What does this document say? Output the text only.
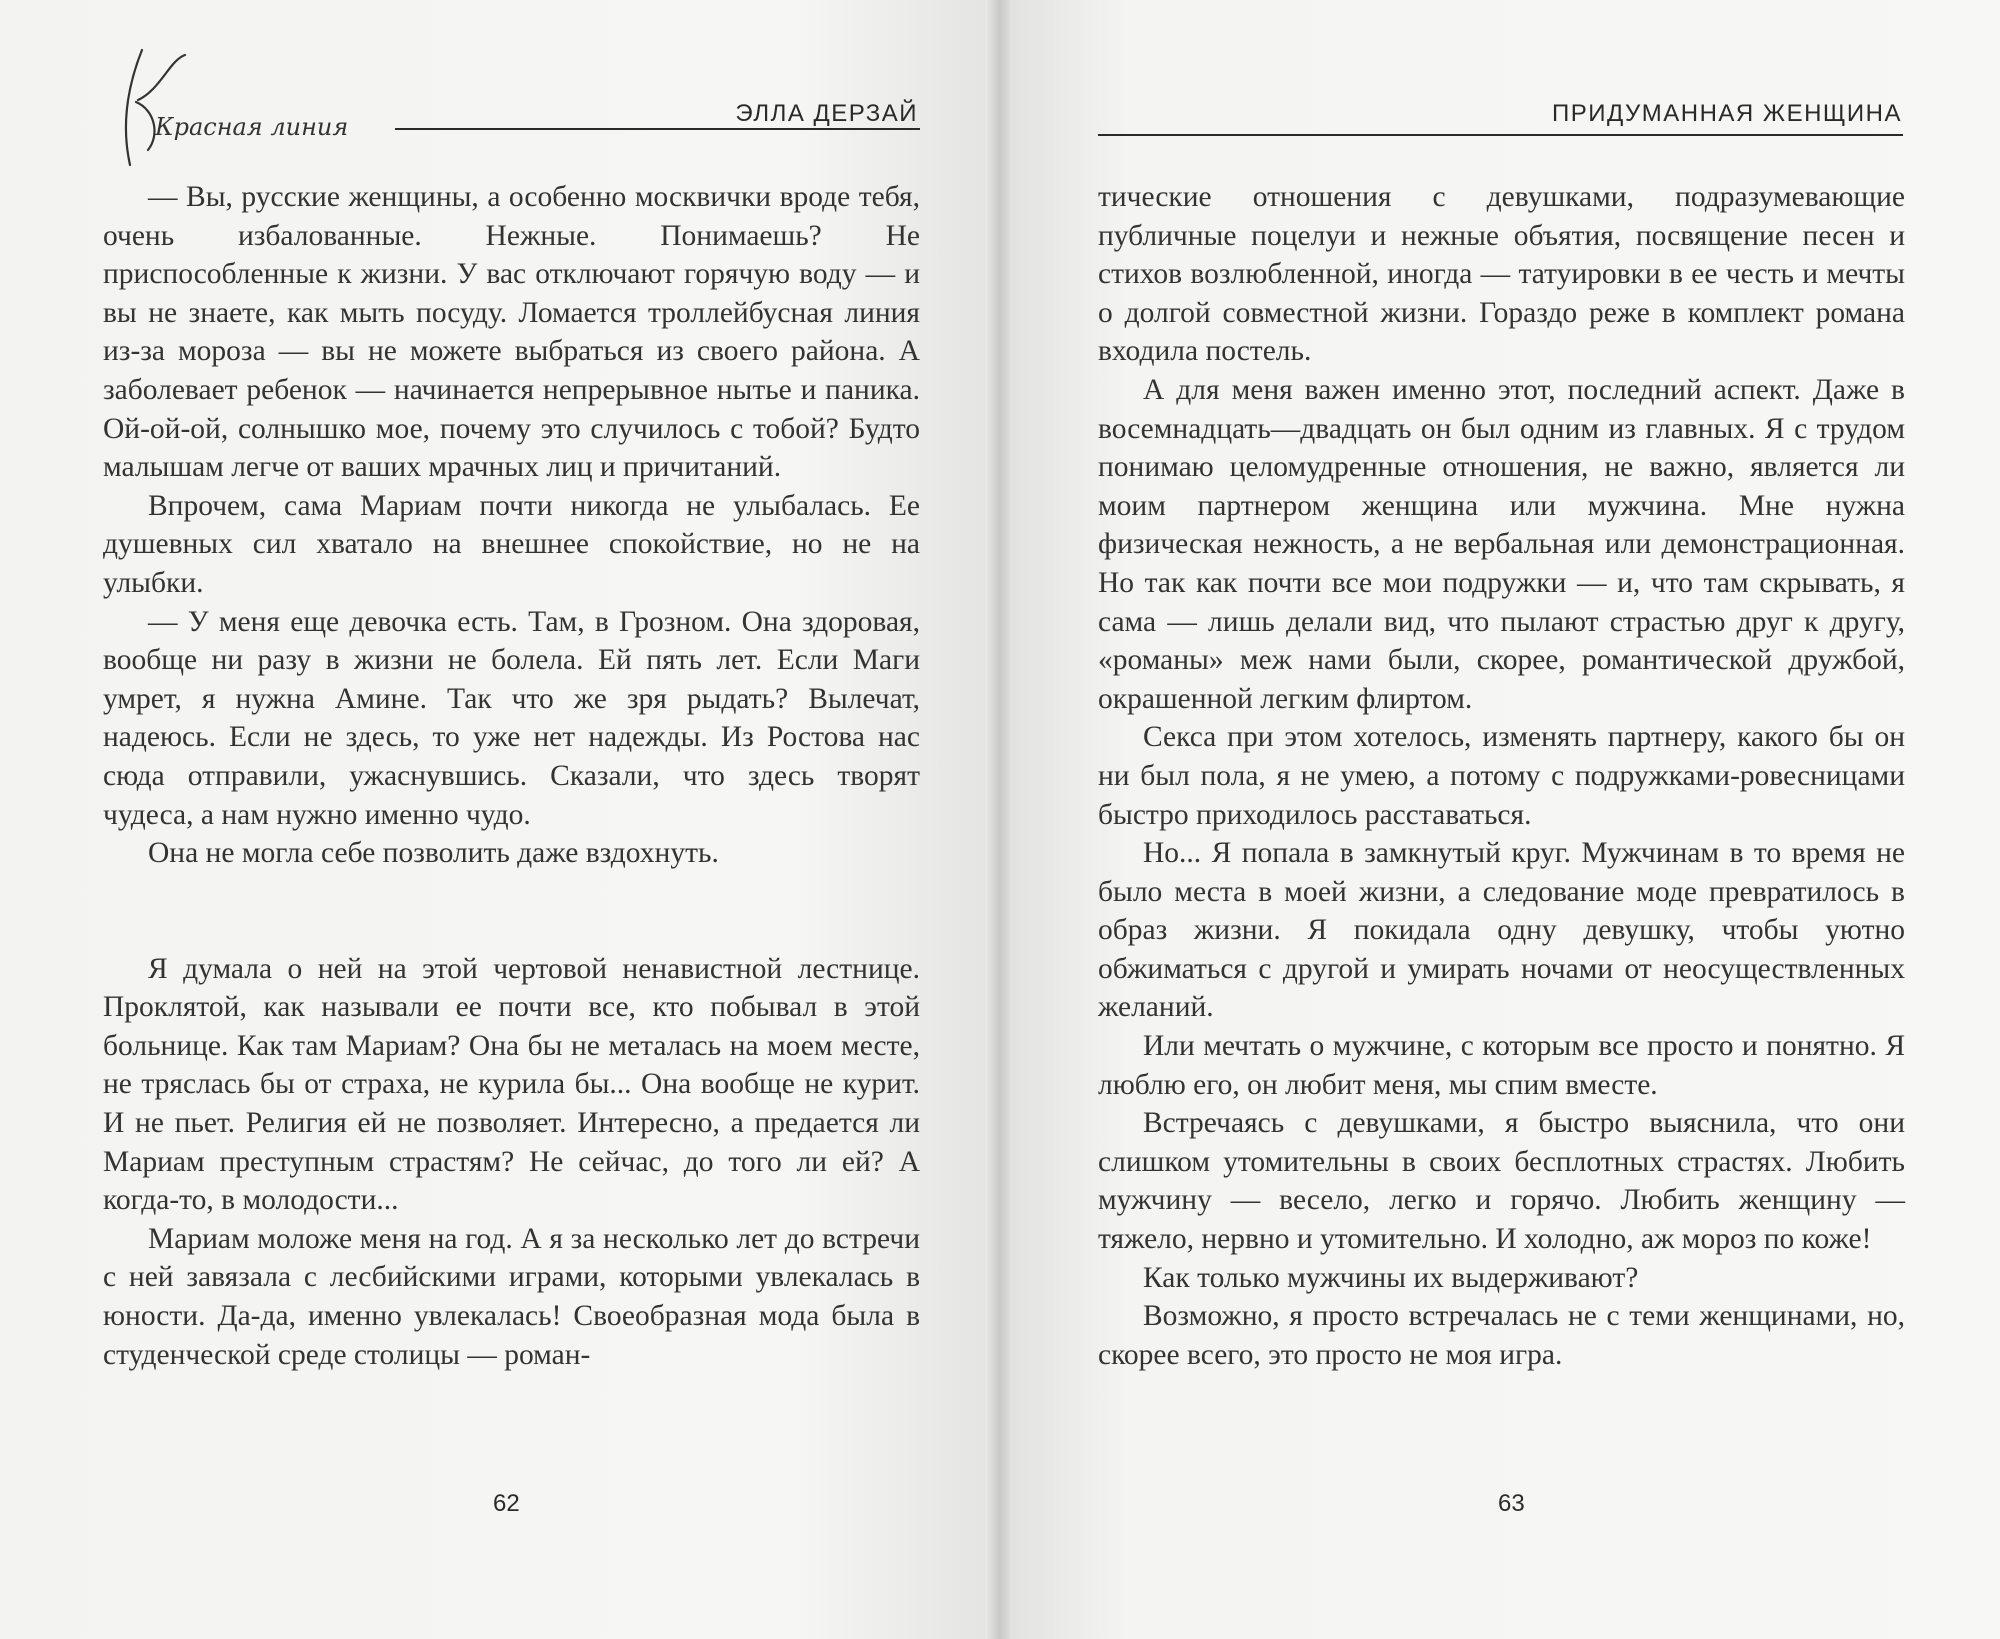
Красная линия	ЭЛЛА ДЕРЗАЙ

— Вы, русские женщины, а особенно москвички вроде тебя, очень избалованные. Нежные. Понимаешь? Не приспособленные к жизни. У вас отключают горячую воду — и вы не знаете, как мыть посуду. Ломается троллейбусная линия из-за мороза — вы не можете выбраться из своего района. А заболевает ребенок — начинается непрерывное нытье и паника. Ой-ой-ой, солнышко мое, почему это случилось с тобой? Будто малышам легче от ваших мрачных лиц и причитаний.

Впрочем, сама Мариам почти никогда не улыбалась. Ее душевных сил хватало на внешнее спокойствие, но не на улыбки.

— У меня еще девочка есть. Там, в Грозном. Она здоровая, вообще ни разу в жизни не болела. Ей пять лет. Если Маги умрет, я нужна Амине. Так что же зря рыдать? Вылечат, надеюсь. Если не здесь, то уже нет надежды. Из Ростова нас сюда отправили, ужаснувшись. Сказали, что здесь творят чудеса, а нам нужно именно чудо.

Она не могла себе позволить даже вздохнуть.

Я думала о ней на этой чертовой ненавистной лестнице. Проклятой, как называли ее почти все, кто побывал в этой больнице. Как там Мариам? Она бы не металась на моем месте, не тряслась бы от страха, не курила бы... Она вообще не курит. И не пьет. Религия ей не позволяет. Интересно, а предается ли Мариам преступным страстям? Не сейчас, до того ли ей? А когда-то, в молодости...

Мариам моложе меня на год. А я за несколько лет до встречи с ней завязала с лесбийскими играми, которыми увлекалась в юности. Да-да, именно увлекалась! Своеобразная мода была в студенческой среде столицы — роман-

62
ПРИДУМАННАЯ ЖЕНЩИНА

тические отношения с девушками, подразумевающие публичные поцелуи и нежные объятия, посвящение песен и стихов возлюбленной, иногда — татуировки в ее честь и мечты о долгой совместной жизни. Гораздо реже в комплект романа входила постель.

А для меня важен именно этот, последний аспект. Даже в восемнадцать—двадцать он был одним из главных. Я с трудом понимаю целомудренные отношения, не важно, является ли моим партнером женщина или мужчина. Мне нужна физическая нежность, а не вербальная или демонстрационная. Но так как почти все мои подружки — и, что там скрывать, я сама — лишь делали вид, что пылают страстью друг к другу, «романы» меж нами были, скорее, романтической дружбой, окрашенной легким флиртом.

Секса при этом хотелось, изменять партнеру, какого бы он ни был пола, я не умею, а потому с подружками-ровесницами быстро приходилось расставаться.

Но... Я попала в замкнутый круг. Мужчинам в то время не было места в моей жизни, а следование моде превратилось в образ жизни. Я покидала одну девушку, чтобы уютно обжиматься с другой и умирать ночами от неосуществленных желаний.

Или мечтать о мужчине, с которым все просто и понятно. Я люблю его, он любит меня, мы спим вместе.

Встречаясь с девушками, я быстро выяснила, что они слишком утомительны в своих бесплотных страстях. Любить мужчину — весело, легко и горячо. Любить женщину — тяжело, нервно и утомительно. И холодно, аж мороз по коже!

Как только мужчины их выдерживают?

Возможно, я просто встречалась не с теми женщинами, но, скорее всего, это просто не моя игра.

63
